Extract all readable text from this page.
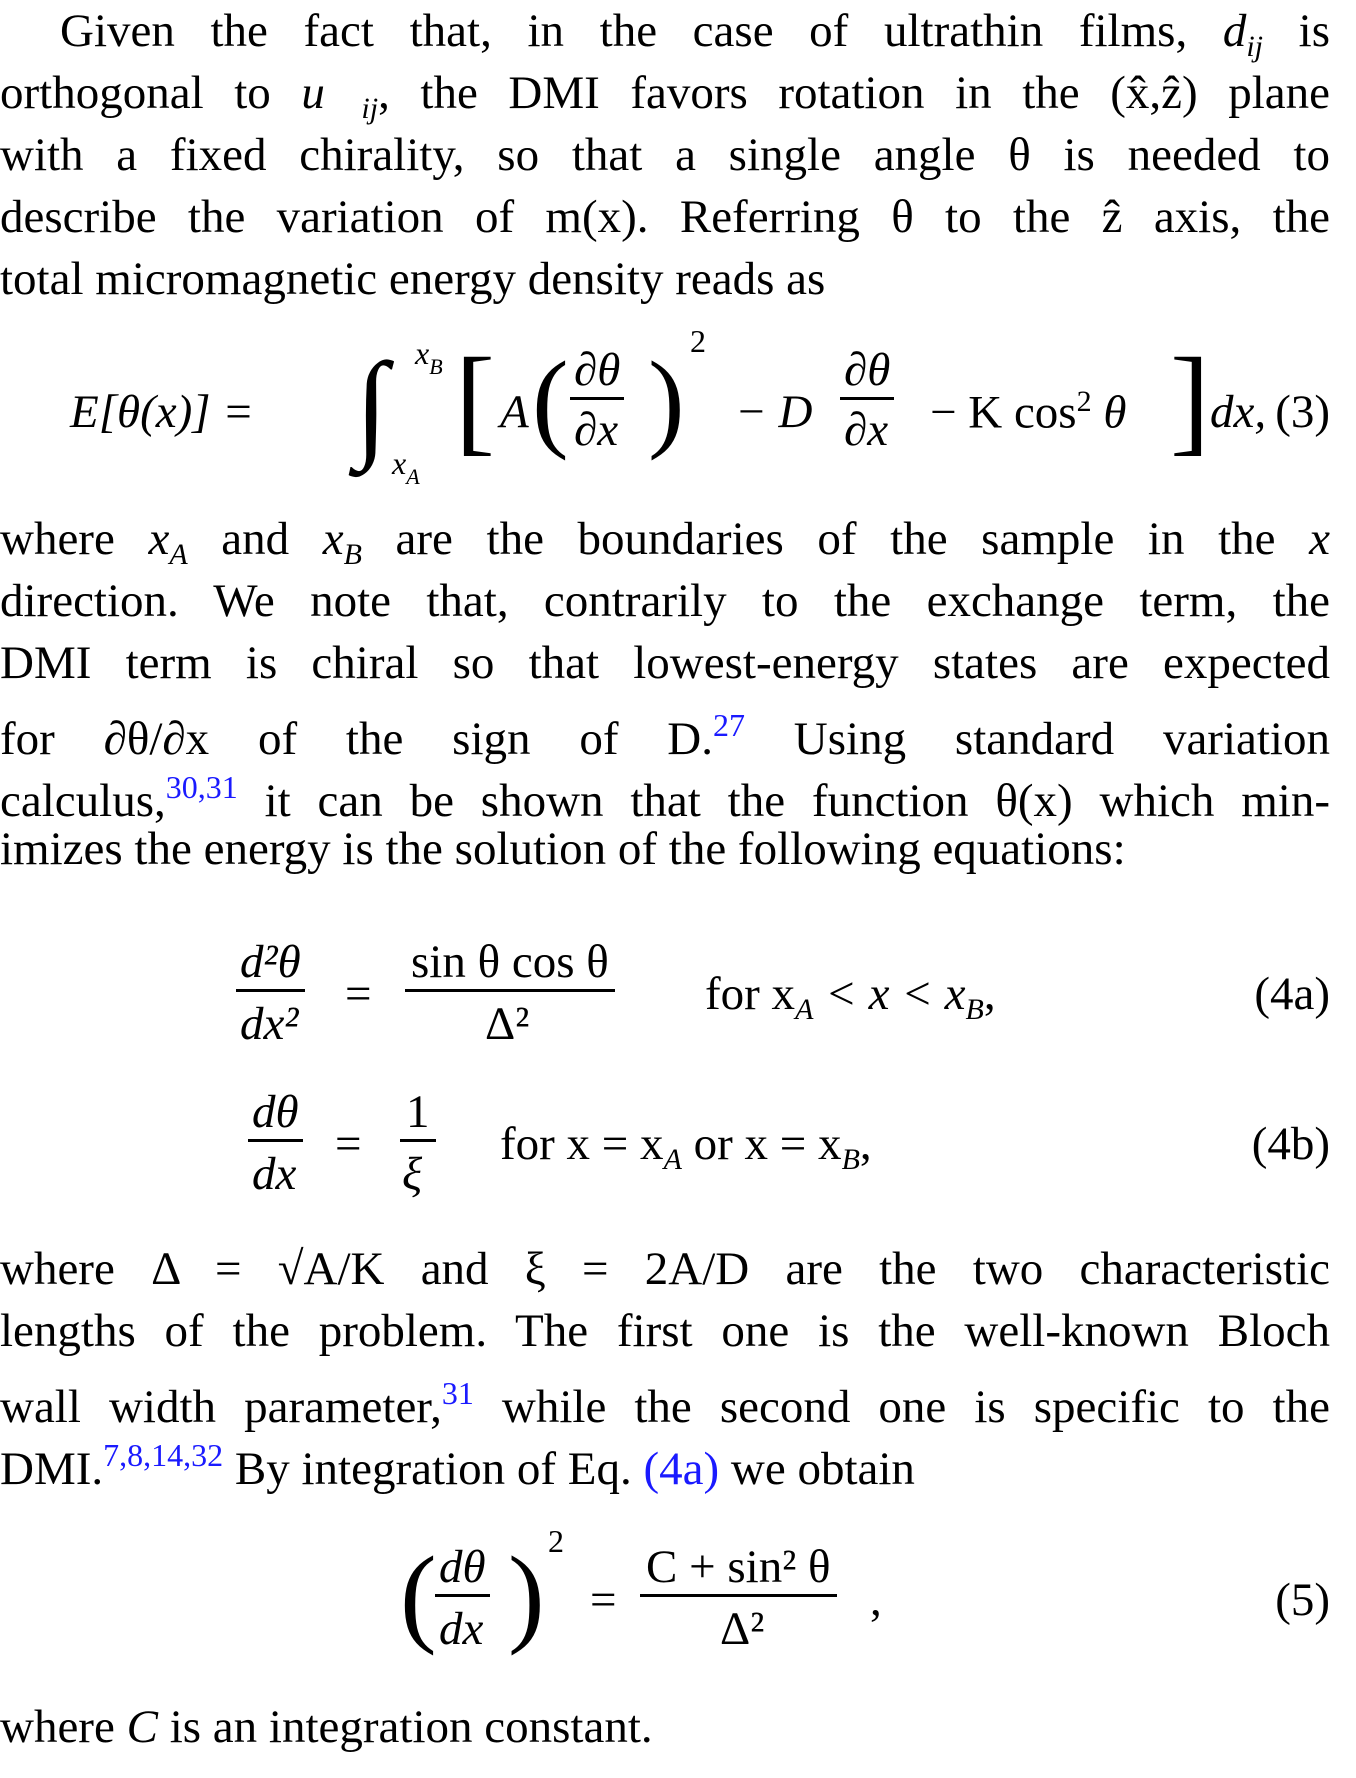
Given the fact that, in the case of ultrathin films, $d_{ij}$ is
orthogonal to $u⃗_{ij}$, the DMI favors rotation in the (x̂,ẑ) plane
with a fixed chirality, so that a single angle θ is needed to
describe the variation of m(x). Referring θ to the ẑ axis, the
total micromagnetic energy density reads as
E[θ(x)] = ∫ $x_B$
$x_A$
[ A ( ∂θ
∂x ) 2
− D
∂θ
∂x − K $\cos^2 \theta$ ] dx, (3)
where $x_A$ and $x_B$ are the boundaries of the sample in the x
direction. We note that, contrarily to the exchange term, the
DMI term is chiral so that lowest-energy states are expected
for ∂θ/∂x of the sign of D.$^{27}$ Using standard variation
calculus,$^{30,31}$ it can be shown that the function θ(x) which min-
imizes the energy is the solution of the following equations:
d²θ
dx²
=
sin θ cos θ
Δ²
for $x_A < x < x_B$,	(4a)
dθ
dx
=
1
ξ
for $x = x_A$ or $x = x_B$,	(4b)
where Δ = √A/K and ξ = 2A/D are the two characteristic
lengths of the problem. The first one is the well-known Bloch
wall width parameter,$^{31}$ while the second one is specific to the
DMI.$^{7,8,14,32}$ By integration of Eq. (4a) we obtain
( dθ
dx ) 2
=
C + sin² θ
Δ²
,	(5)
where C is an integration constant.
